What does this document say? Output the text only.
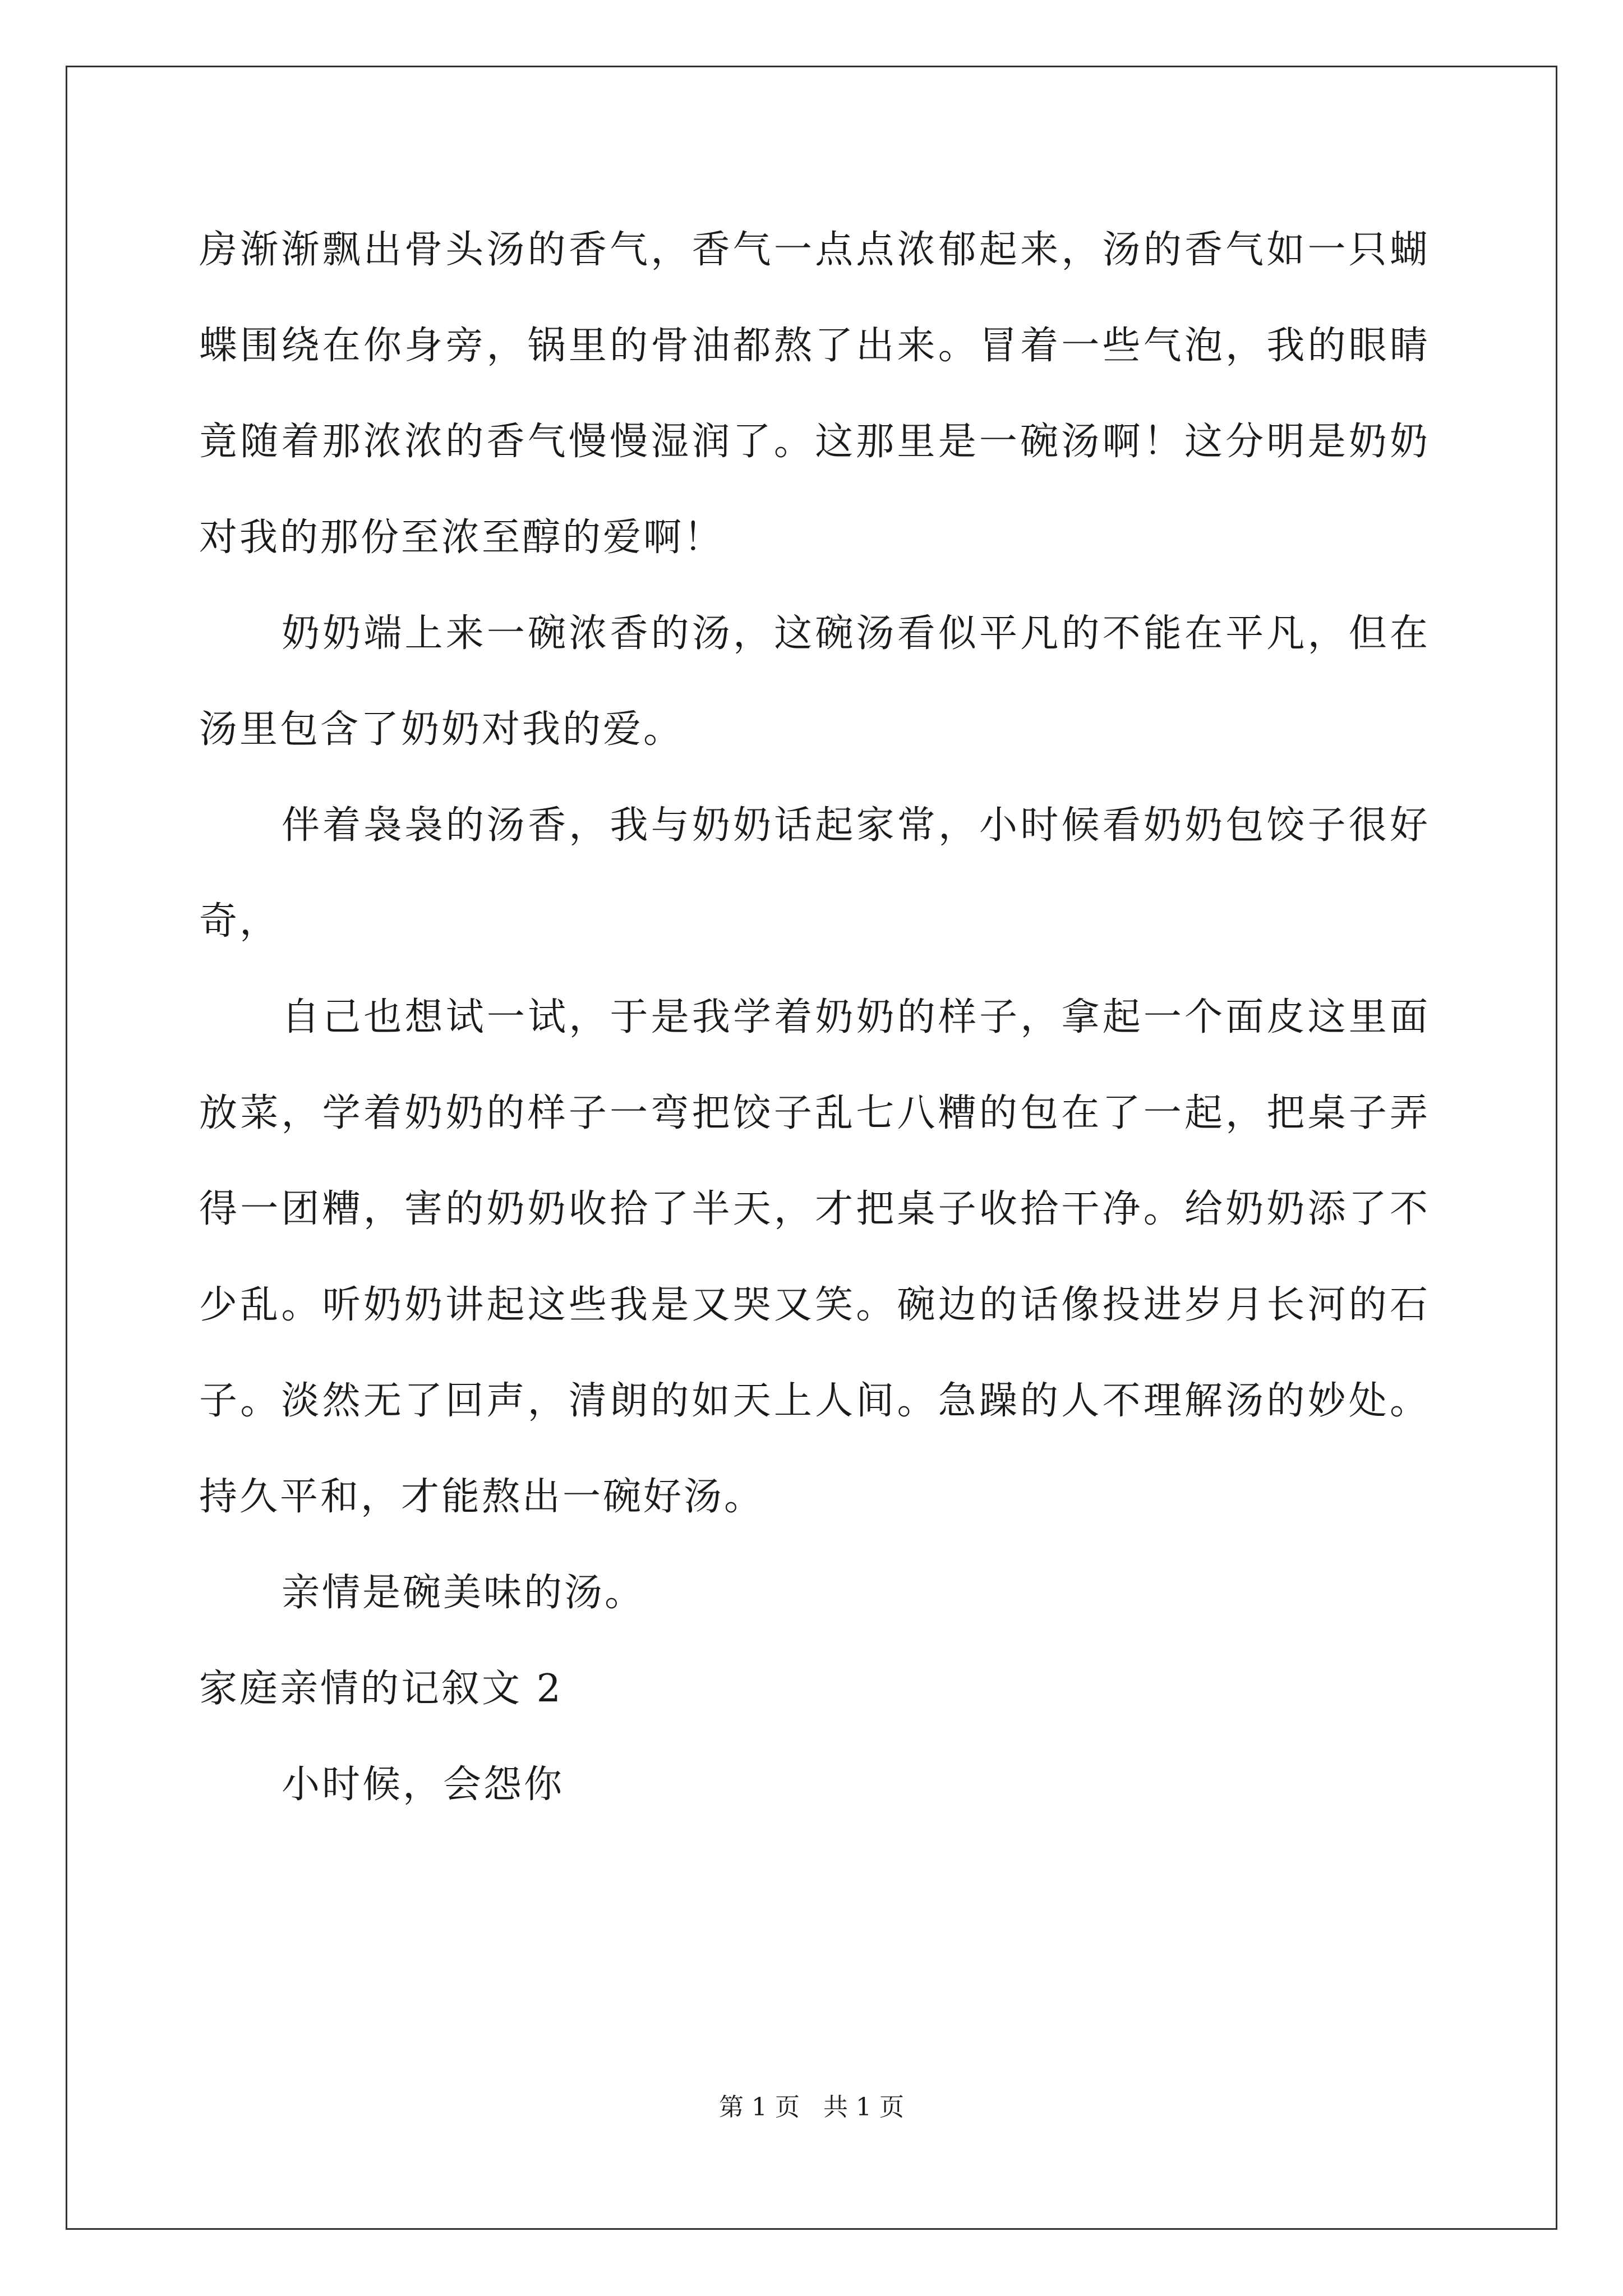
房渐渐飘出骨头汤的香气，香气一点点浓郁起来，汤的香气如一只蝴蝶围绕在你身旁，锅里的骨油都熬了出来。冒着一些气泡，我的眼睛竟随着那浓浓的香气慢慢湿润了。这那里是一碗汤啊！这分明是奶奶对我的那份至浓至醇的爱啊！

奶奶端上来一碗浓香的汤，这碗汤看似平凡的不能在平凡，但在汤里包含了奶奶对我的爱。

伴着袅袅的汤香，我与奶奶话起家常，小时候看奶奶包饺子很好奇，

自己也想试一试，于是我学着奶奶的样子，拿起一个面皮这里面放菜，学着奶奶的样子一弯把饺子乱七八糟的包在了一起，把桌子弄得一团糟，害的奶奶收拾了半天，才把桌子收拾干净。给奶奶添了不少乱。听奶奶讲起这些我是又哭又笑。碗边的话像投进岁月长河的石子。淡然无了回声，清朗的如天上人间。急躁的人不理解汤的妙处。持久平和，才能熬出一碗好汤。

亲情是碗美味的汤。

家庭亲情的记叙文 2

小时候，会怨你

第 1 页   共 1 页
